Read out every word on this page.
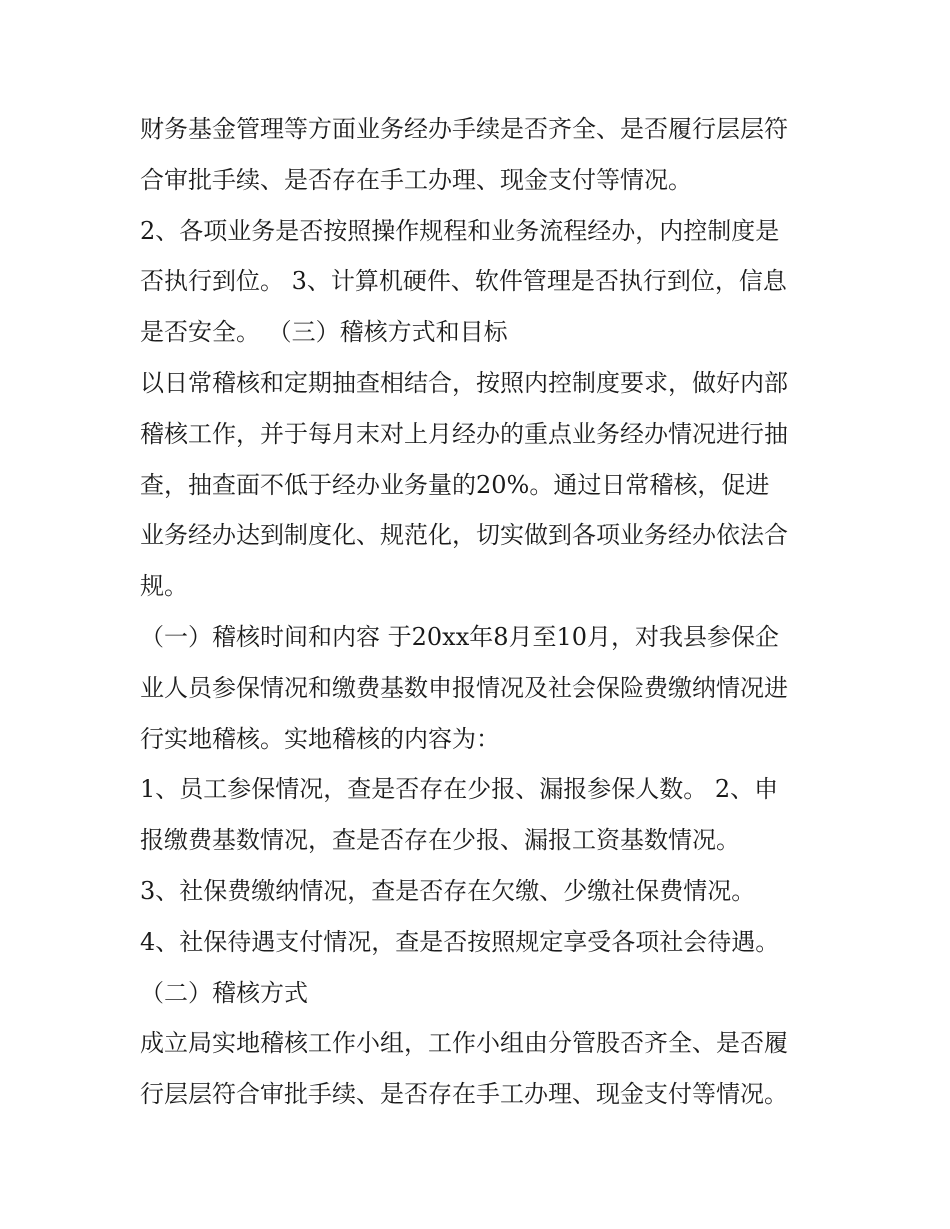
财务基金管理等方面业务经办手续是否齐全、是否履行层层符
合审批手续、是否存在手工办理、现金支付等情况。
2、各项业务是否按照操作规程和业务流程经办，内控制度是
否执行到位。 3、计算机硬件、软件管理是否执行到位，信息
是否安全。 （三）稽核方式和目标
以日常稽核和定期抽查相结合，按照内控制度要求，做好内部
稽核工作，并于每月末对上月经办的重点业务经办情况进行抽
查，抽查面不低于经办业务量的20%。通过日常稽核，促进
业务经办达到制度化、规范化，切实做到各项业务经办依法合
规。
（一）稽核时间和内容 于20xx年8月至10月，对我县参保企
业人员参保情况和缴费基数申报情况及社会保险费缴纳情况进
行实地稽核。实地稽核的内容为：
1、员工参保情况，查是否存在少报、漏报参保人数。 2、申
报缴费基数情况，查是否存在少报、漏报工资基数情况。
3、社保费缴纳情况，查是否存在欠缴、少缴社保费情况。
4、社保待遇支付情况，查是否按照规定享受各项社会待遇。
（二）稽核方式
成立局实地稽核工作小组，工作小组由分管股否齐全、是否履
行层层符合审批手续、是否存在手工办理、现金支付等情况。
